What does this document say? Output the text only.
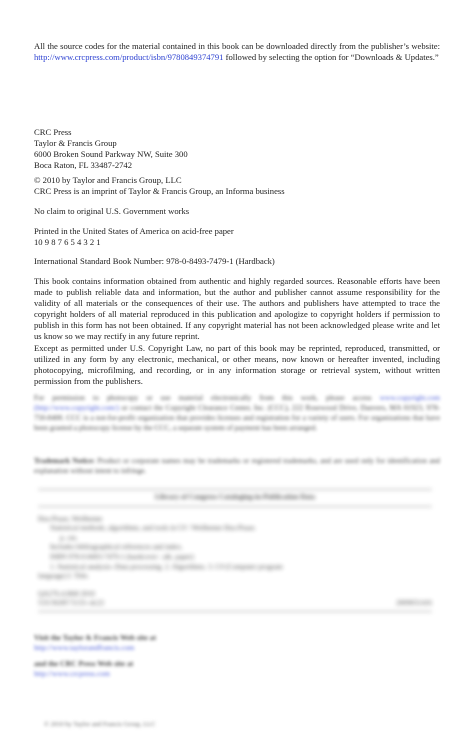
All the source codes for the material contained in this book can be downloaded directly from the publisher’s website: http://www.crcpress.com/product/isbn/9780849374791 followed by selecting the option for “Downloads & Updates.”

CRC Press

Taylor & Francis Group

6000 Broken Sound Parkway NW, Suite 300

Boca Raton, FL 33487-2742

© 2010 by Taylor and Francis Group, LLC

CRC Press is an imprint of Taylor & Francis Group, an Informa business

No claim to original U.S. Government works

Printed in the United States of America on acid-free paper

10 9 8 7 6 5 4 3 2 1

International Standard Book Number: 978-0-8493-7479-1 (Hardback)

This book contains information obtained from authentic and highly regarded sources. Reasonable efforts have been made to publish reliable data and information, but the author and publisher cannot assume responsibility for the validity of all materials or the consequences of their use. The authors and publishers have attempted to trace the copyright holders of all material reproduced in this publication and apologize to copyright holders if permission to publish in this form has not been obtained. If any copyright material has not been acknowledged please write and let us know so we may rectify in any future reprint.

Except as permitted under U.S. Copyright Law, no part of this book may be reprinted, reproduced, transmitted, or utilized in any form by any electronic, mechanical, or other means, now known or hereafter invented, including photocopying, microfilming, and recording, or in any information storage or retrieval system, without written permission from the publishers.

For permission to photocopy or use material electronically from this work, please access www.copyright.com (http://www.copyright.com/) or contact the Copyright Clearance Center, Inc. (CCC), 222 Rosewood Drive, Danvers, MA 01923, 978-750-8400. CCC is a not-for-profit organization that provides licenses and registration for a variety of users. For organizations that have been granted a photocopy license by the CCC, a separate system of payment has been arranged.

Trademark Notice: Product or corporate names may be trademarks or registered trademarks, and are used only for identification and explanation without intent to infringe.

Library of Congress Cataloging-in-Publication Data

Hsu-Pease, Weilhenne

Statistical methods, algorithms, and tools in C# / Weilhenne Hsu-Pease.

p. cm.

Includes bibliographical references and index.

ISBN 978-0-8493-7479-1 (hardcover : alk. paper)

1. Statistical analysis--Data processing. 2. Algorithms. 3. C# (Computer program

language) I. Title.

QA276.4.H68 2010

519.50285’5133--dc22	2009031416

Visit the Taylor & Francis Web site at

http://www.taylorandfrancis.com

and the CRC Press Web site at

http://www.crcpress.com

© 2010 by Taylor and Francis Group, LLC
